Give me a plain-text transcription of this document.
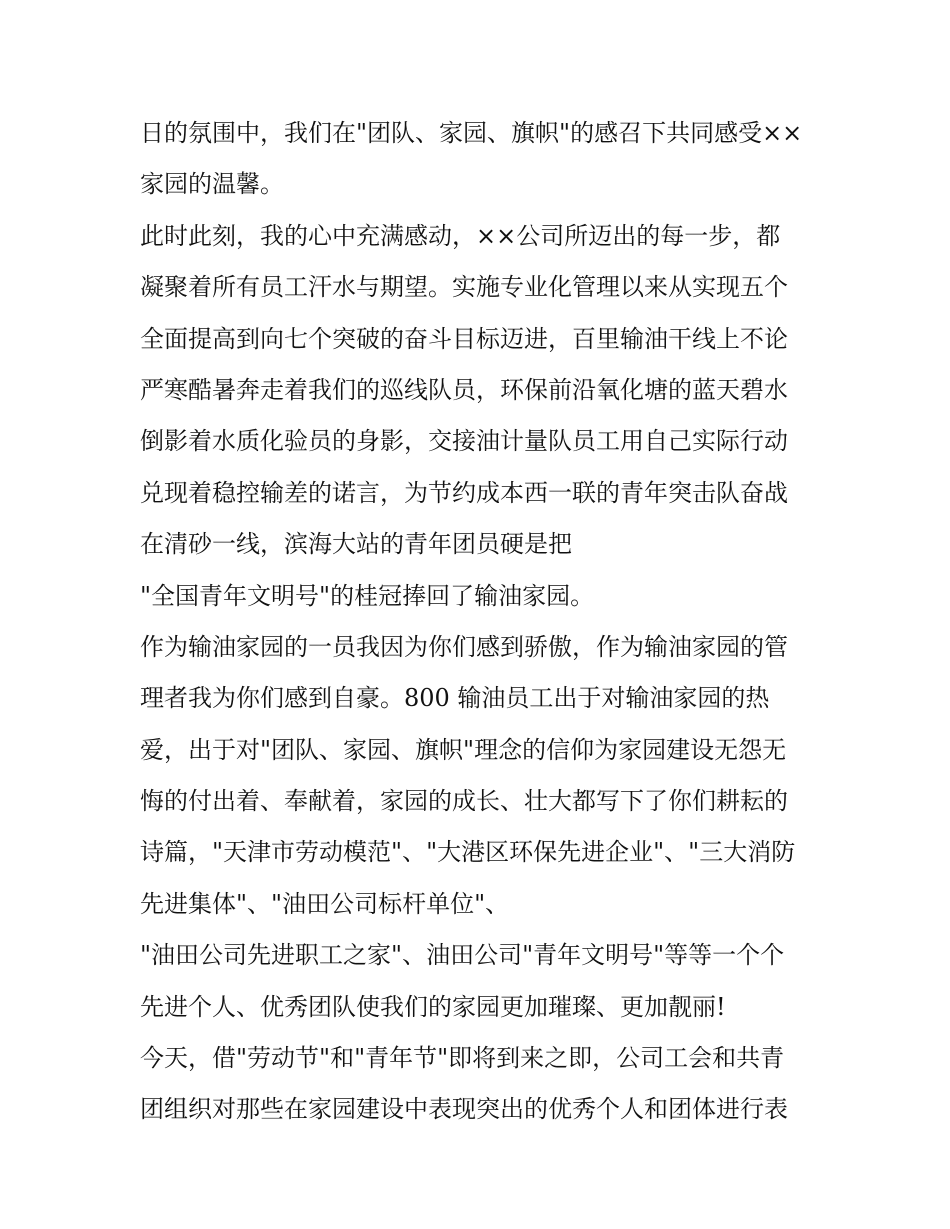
日的氛围中，我们在"团队、家园、旗帜"的感召下共同感受××
家园的温馨。
此时此刻，我的心中充满感动，××公司所迈出的每一步，都
凝聚着所有员工汗水与期望。实施专业化管理以来从实现五个
全面提高到向七个突破的奋斗目标迈进，百里输油干线上不论
严寒酷暑奔走着我们的巡线队员，环保前沿氧化塘的蓝天碧水
倒影着水质化验员的身影，交接油计量队员工用自己实际行动
兑现着稳控输差的诺言，为节约成本西一联的青年突击队奋战
在清砂一线，滨海大站的青年团员硬是把
"全国青年文明号"的桂冠捧回了输油家园。
作为输油家园的一员我因为你们感到骄傲，作为输油家园的管
理者我为你们感到自豪。800 输油员工出于对输油家园的热
爱，出于对"团队、家园、旗帜"理念的信仰为家园建设无怨无
悔的付出着、奉献着，家园的成长、壮大都写下了你们耕耘的
诗篇，"天津市劳动模范"、"大港区环保先进企业"、"三大消防
先进集体"、"油田公司标杆单位"、
"油田公司先进职工之家"、油田公司"青年文明号"等等一个个
先进个人、优秀团队使我们的家园更加璀璨、更加靓丽!
今天，借"劳动节"和"青年节"即将到来之即，公司工会和共青
团组织对那些在家园建设中表现突出的优秀个人和团体进行表
